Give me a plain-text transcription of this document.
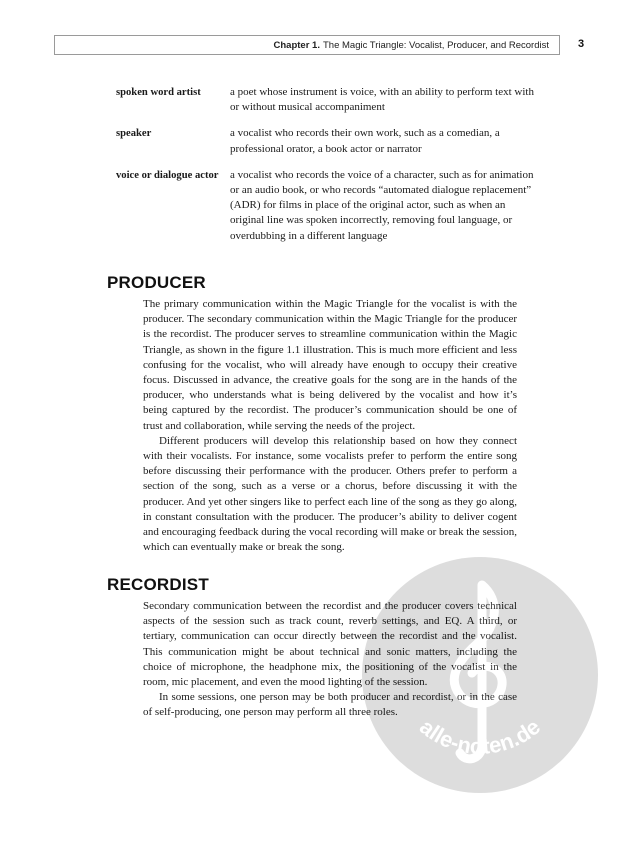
Chapter 1. The Magic Triangle: Vocalist, Producer, and Recordist	3
spoken word artist	a poet whose instrument is voice, with an ability to perform text with or without musical accompaniment
speaker	a vocalist who records their own work, such as a comedian, a professional orator, a book actor or narrator
voice or dialogue actor	a vocalist who records the voice of a character, such as for animation or an audio book, or who records “automated dialogue replacement” (ADR) for films in place of the original actor, such as when an original line was spoken incorrectly, removing foul language, or overdubbing in a different language
PRODUCER

The primary communication within the Magic Triangle for the vocalist is with the producer. The secondary communication within the Magic Triangle for the producer is the recordist. The producer serves to streamline communication within the Magic Triangle, as shown in the figure 1.1 illustration. This is much more efficient and less confusing for the vocalist, who will already have enough to occupy their creative focus. Discussed in advance, the creative goals for the song are in the hands of the producer, who understands what is being delivered by the vocalist and how it’s being captured by the recordist. The producer’s communication should be one of trust and collaboration, while serving the needs of the project.

Different producers will develop this relationship based on how they connect with their vocalists. For instance, some vocalists prefer to perform the entire song before discussing their performance with the producer. Others prefer to perform a section of the song, such as a verse or a chorus, before discussing it with the producer. And yet other singers like to perfect each line of the song as they go along, in constant consultation with the producer. The producer’s ability to deliver cogent and encouraging feedback during the vocal recording will make or break the session, which can eventually make or break the song.

RECORDIST

Secondary communication between the recordist and the producer covers technical aspects of the session such as track count, reverb settings, and EQ. A third, or tertiary, communication can occur directly between the recordist and the vocalist. This communication might be about technical and sonic matters, including the choice of microphone, the headphone mix, the positioning of the vocalist in the room, mic placement, and even the mood lighting of the session.

In some sessions, one person may be both producer and recordist, or in the case of self-producing, one person may perform all three roles.

alle-noten.de
